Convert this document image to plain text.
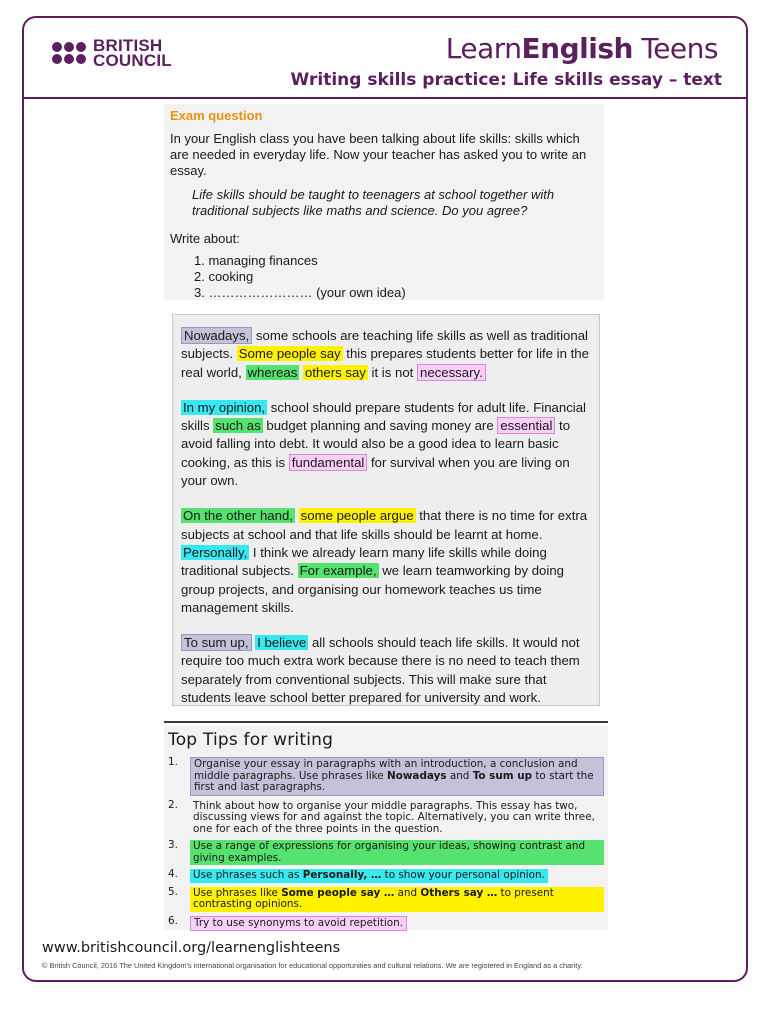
BRITISH
COUNCIL	LearnEnglish Teens
Writing skills practice: Life skills essay – text
Exam question

In your English class you have been talking about life skills: skills which are needed in everyday life. Now your teacher has asked you to write an essay.

Life skills should be taught to teenagers at school together with traditional subjects like maths and science. Do you agree?

Write about:

1. managing finances
2. cooking
3. …………………… (your own idea)

Nowadays, some schools are teaching life skills as well as traditional subjects. Some people say this prepares students better for life in the real world, whereas others say it is not necessary.

In my opinion, school should prepare students for adult life. Financial skills such as budget planning and saving money are essential to avoid falling into debt. It would also be a good idea to learn basic cooking, as this is fundamental for survival when you are living on your own.

On the other hand, some people argue that there is no time for extra subjects at school and that life skills should be learnt at home. Personally, I think we already learn many life skills while doing traditional subjects. For example, we learn teamworking by doing group projects, and organising our homework teaches us time management skills.

To sum up, I believe all schools should teach life skills. It would not require too much extra work because there is no need to teach them separately from conventional subjects. This will make sure that students leave school better prepared for university and work.

Top Tips for writing
1.	Organise your essay in paragraphs with an introduction, a conclusion and middle paragraphs. Use phrases like Nowadays and To sum up to start the first and last paragraphs.
2.	Think about how to organise your middle paragraphs. This essay has two, discussing views for and against the topic. Alternatively, you can write three, one for each of the three points in the question.
3.	Use a range of expressions for organising your ideas, showing contrast and giving examples.
4.	Use phrases such as Personally, … to show your personal opinion.
5.	Use phrases like Some people say … and Others say … to present contrasting opinions.
6.	Try to use synonyms to avoid repetition.
www.britishcouncil.org/learnenglishteens
© British Council, 2016 The United Kingdom's international organisation for educational opportunities and cultural relations. We are registered in England as a charity.
